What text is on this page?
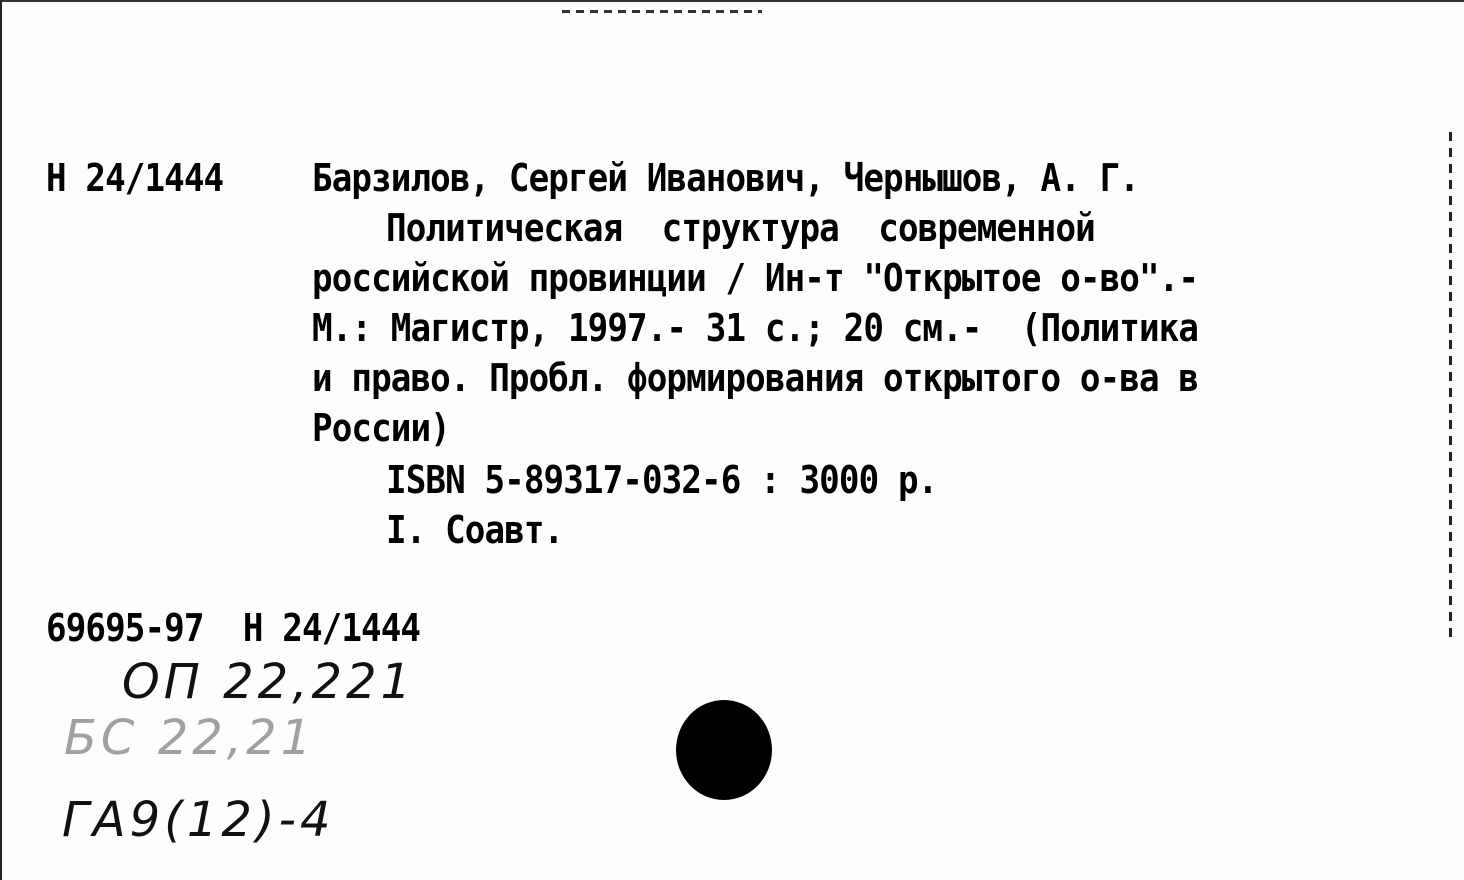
Н 24/1444 Барзилов, Сергей Иванович, Чернышов, А. Г.
Политическая  структура  современной
российской провинции / Ин-т "Открытое о-во".-
М.: Магистр, 1997.- 31 с.; 20 см.-  (Политика
и право. Пробл. формирования открытого о-ва в
России)
ISBN 5-89317-032-6 : 3000 р.
I. Соавт.
69695-97  Н 24/1444
ОП 22,221
БС 22,21
ГА9(12)-4
